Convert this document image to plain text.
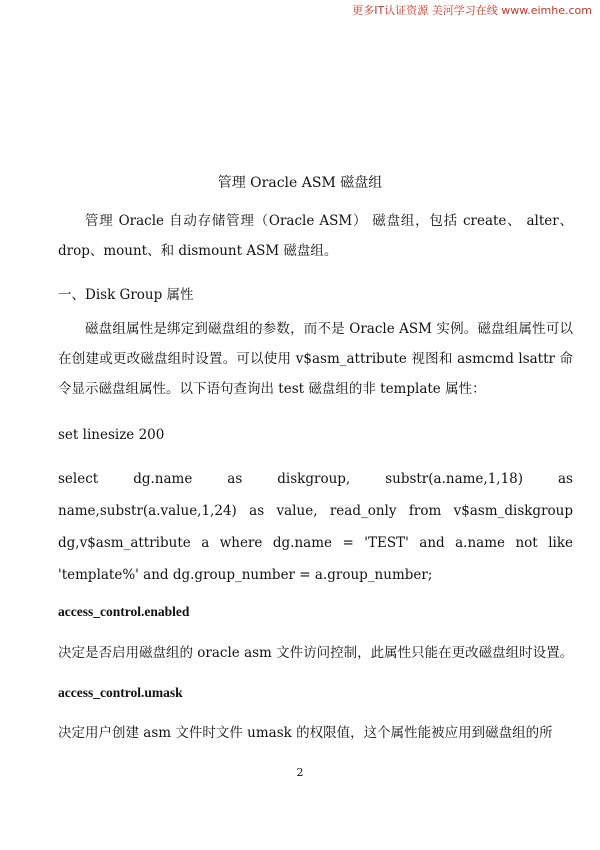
更多IT认证资源 美河学习在线 www.eimhe.com
管理 Oracle ASM 磁盘组
管理 Oracle 自动存储管理（Oracle ASM） 磁盘组，包括 create、 alter、 drop、mount、和 dismount ASM 磁盘组。
一、Disk Group 属性
磁盘组属性是绑定到磁盘组的参数，而不是 Oracle ASM 实例。磁盘组属性可以在创建或更改磁盘组时设置。可以使用 v$asm_attribute 视图和 asmcmd lsattr 命令显示磁盘组属性。以下语句查询出 test 磁盘组的非 template 属性：
set linesize 200
select dg.name as diskgroup, substr(a.name,1,18) as name,substr(a.value,1,24) as value, read_only from v$asm_diskgroup dg,v$asm_attribute a where dg.name = 'TEST' and a.name not like 'template%' and dg.group_number = a.group_number;
access_control.enabled
决定是否启用磁盘组的 oracle asm 文件访问控制，此属性只能在更改磁盘组时设置。
access_control.umask
决定用户创建 asm 文件时文件 umask 的权限值，这个属性能被应用到磁盘组的所
2
